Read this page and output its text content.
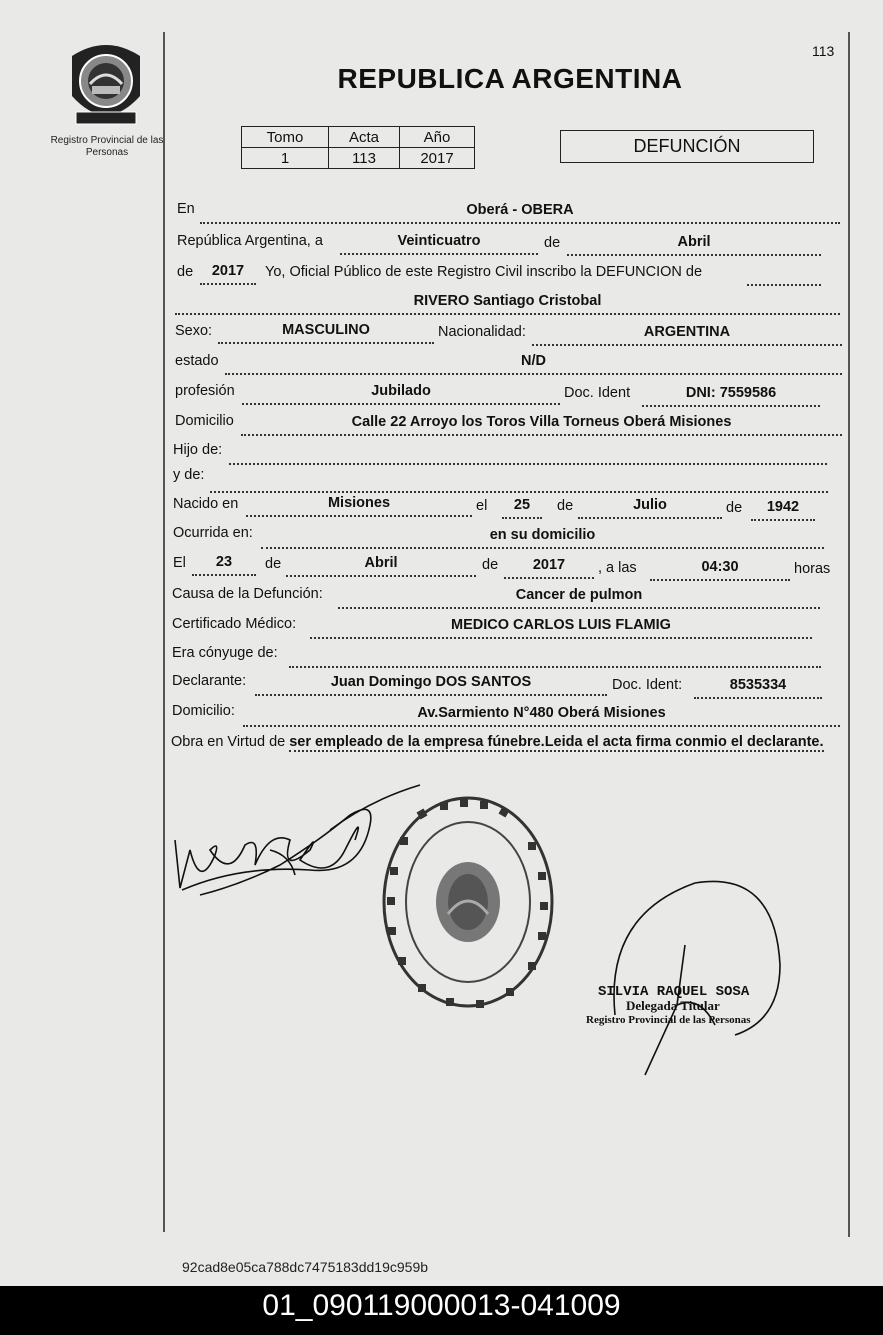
Registro Provincial de las Personas
113
REPUBLICA ARGENTINA
Tomo	Acta	Año
1	113	2017
DEFUNCIÓN
En	Oberá - OBERA
República Argentina, a	Veinticuatro	de	Abril
de	2017	Yo, Oficial Público de este Registro Civil inscribo la DEFUNCION de
RIVERO Santiago Cristobal
Sexo:	MASCULINO	Nacionalidad:	ARGENTINA
estado	N/D
profesión	Jubilado	Doc. Ident	DNI: 7559586
Domicilio	Calle 22 Arroyo los Toros Villa Torneus Oberá Misiones
Hijo de:
y de:
Nacido en	Misiones	el	25	de	Julio	de	1942
Ocurrida en:	en su domicilio
El	23	de	Abril	de	2017	, a las	04:30	horas
Causa de la Defunción:	Cancer de pulmon
Certificado Médico:	MEDICO CARLOS LUIS FLAMIG
Era cónyuge de:
Declarante:	Juan Domingo DOS SANTOS	Doc. Ident:	8535334
Domicilio:	Av.Sarmiento N°480 Oberá Misiones
Obra en Virtud de ser empleado de la empresa fúnebre.Leida el acta firma conmio el declarante.
SILVIA RAQUEL SOSA
Delegada Titular
Registro Provincial de las Personas
92cad8e05ca788dc7475183dd19c959b
01_090119000013-041009
